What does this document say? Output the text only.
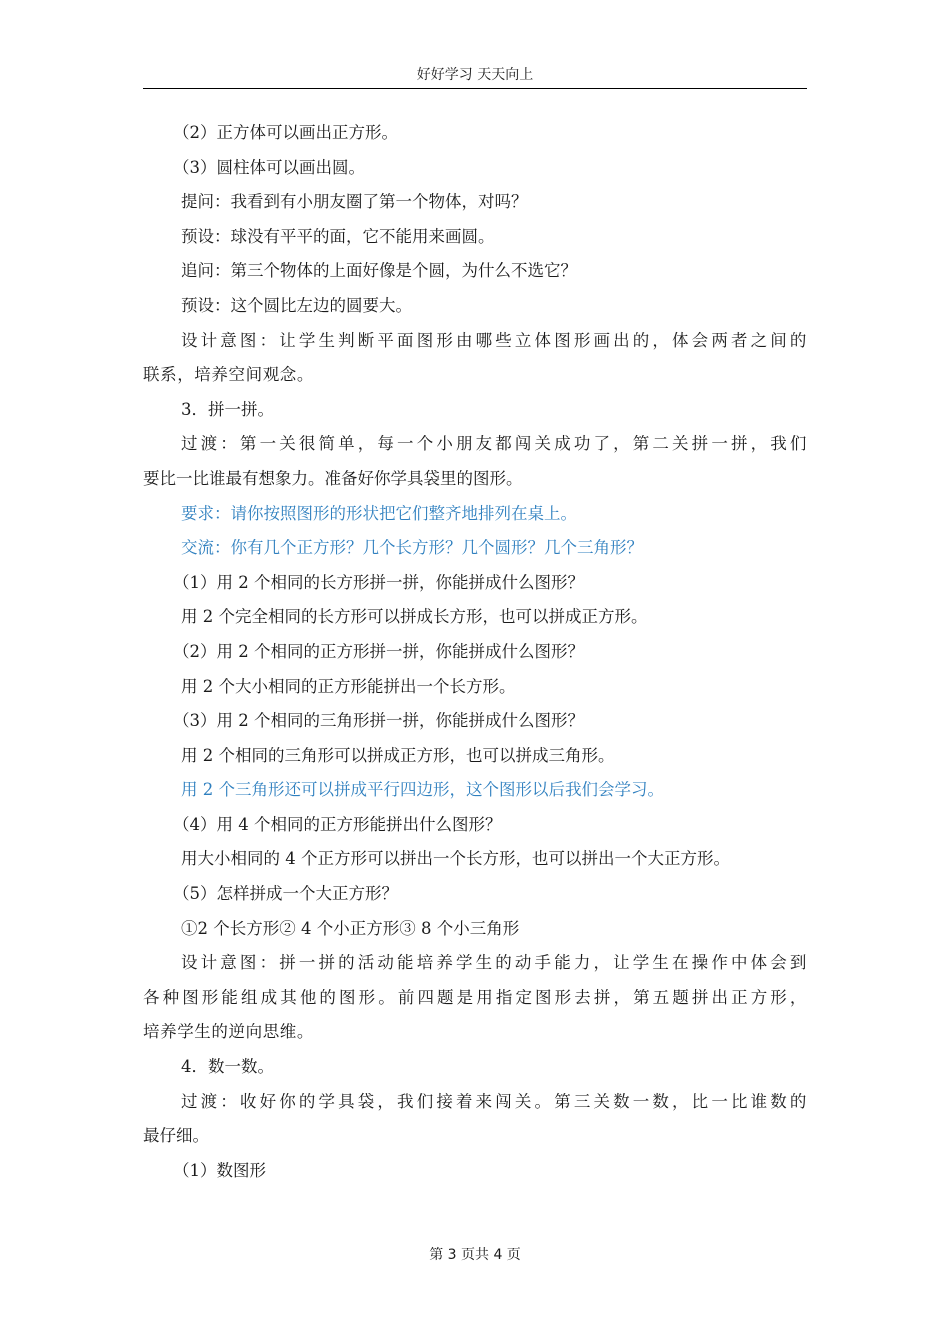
好好学习 天天向上

（2）正方体可以画出正方形。

（3）圆柱体可以画出圆。

提问：我看到有小朋友圈了第一个物体，对吗？

预设：球没有平平的面，它不能用来画圆。

追问：第三个物体的上面好像是个圆，为什么不选它？

预设：这个圆比左边的圆要大。

设计意图：让学生判断平面图形由哪些立体图形画出的，体会两者之间的

联系，培养空间观念。

3．拼一拼。

过渡：第一关很简单，每一个小朋友都闯关成功了，第二关拼一拼，我们

要比一比谁最有想象力。准备好你学具袋里的图形。

要求：请你按照图形的形状把它们整齐地排列在桌上。

交流：你有几个正方形？几个长方形？几个圆形？几个三角形？

（1）用 2 个相同的长方形拼一拼，你能拼成什么图形？

用 2 个完全相同的长方形可以拼成长方形，也可以拼成正方形。

（2）用 2 个相同的正方形拼一拼，你能拼成什么图形？

用 2 个大小相同的正方形能拼出一个长方形。

（3）用 2 个相同的三角形拼一拼，你能拼成什么图形？

用 2 个相同的三角形可以拼成正方形，也可以拼成三角形。

用 2 个三角形还可以拼成平行四边形，这个图形以后我们会学习。

（4）用 4 个相同的正方形能拼出什么图形？

用大小相同的 4 个正方形可以拼出一个长方形，也可以拼出一个大正方形。

（5）怎样拼成一个大正方形？

①2 个长方形② 4 个小正方形③ 8 个小三角形

设计意图：拼一拼的活动能培养学生的动手能力，让学生在操作中体会到

各种图形能组成其他的图形。前四题是用指定图形去拼，第五题拼出正方形，

培养学生的逆向思维。

4．数一数。

过渡：收好你的学具袋，我们接着来闯关。第三关数一数，比一比谁数的

最仔细。

（1）数图形

第 3 页共 4 页
